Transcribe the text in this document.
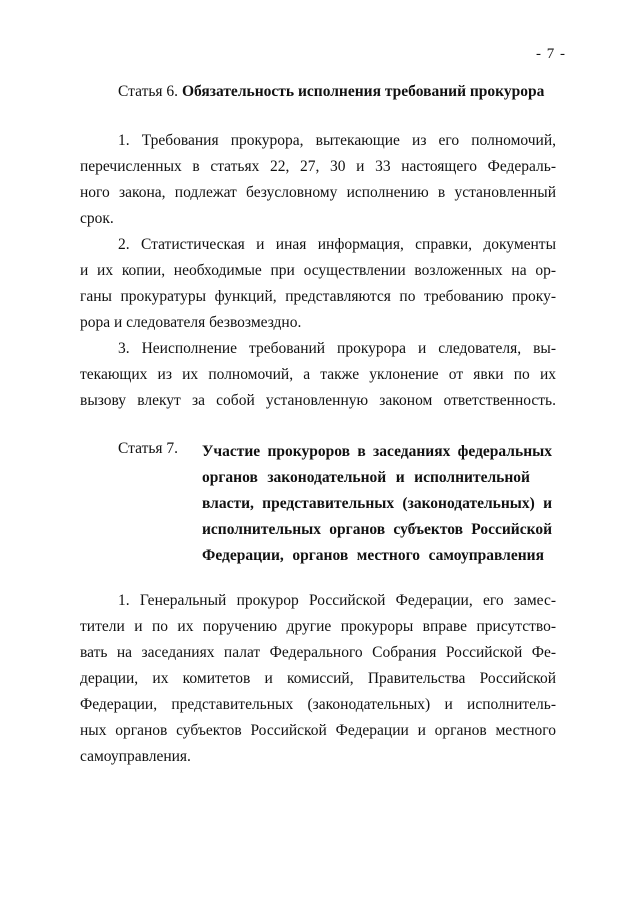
- 7 -
Статья 6. Обязательность исполнения требований прокурора
1. Требования прокурора, вытекающие из его полномочий,
перечисленных в статьях 22, 27, 30 и 33 настоящего Федераль-
ного закона, подлежат безусловному исполнению в установленный
срок.
2. Статистическая и иная информация, справки, документы
и их копии, необходимые при осуществлении возложенных на ор-
ганы прокуратуры функций, представляются по требованию проку-
рора и следователя безвозмездно.
3. Неисполнение требований прокурора и следователя, вы-
текающих из их полномочий, а также уклонение от явки по их
вызову влекут за собой установленную законом ответственность.
Статья 7. Участие прокуроров в заседаниях федеральных
органов законодательной и исполнительной
власти, представительных (законодательных) и
исполнительных органов субъектов Российской
Федерации, органов местного самоуправления
1. Генеральный прокурор Российской Федерации, его замес-
тители и по их поручению другие прокуроры вправе присутство-
вать на заседаниях палат Федерального Собрания Российской Фе-
дерации, их комитетов и комиссий, Правительства Российской
Федерации, представительных (законодательных) и исполнитель-
ных органов субъектов Российской Федерации и органов местного
самоуправления.
